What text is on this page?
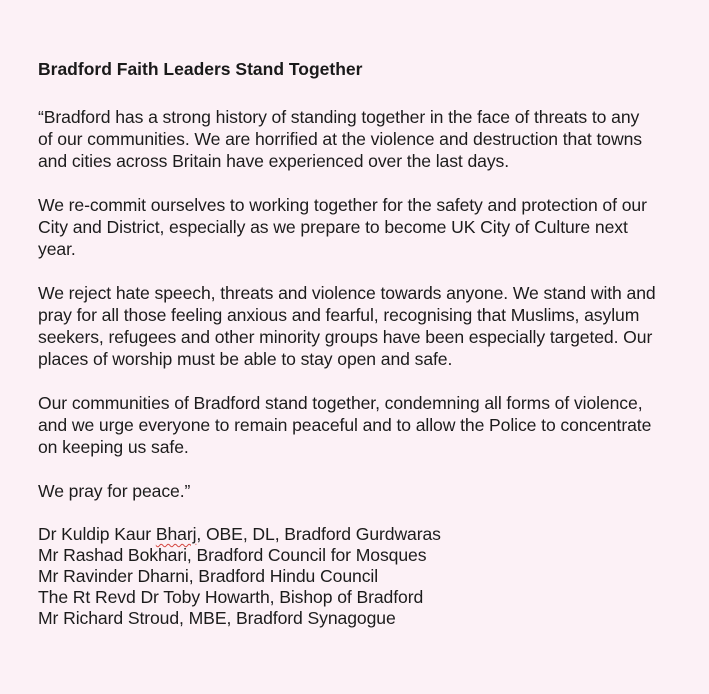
Bradford Faith Leaders Stand Together

“Bradford has a strong history of standing together in the face of threats to any of our communities. We are horrified at the violence and destruction that towns and cities across Britain have experienced over the last days.

We re-commit ourselves to working together for the safety and protection of our City and District, especially as we prepare to become UK City of Culture next year.

We reject hate speech, threats and violence towards anyone. We stand with and pray for all those feeling anxious and fearful, recognising that Muslims, asylum seekers, refugees and other minority groups have been especially targeted. Our places of worship must be able to stay open and safe.

Our communities of Bradford stand together, condemning all forms of violence, and we urge everyone to remain peaceful and to allow the Police to concentrate on keeping us safe.

We pray for peace.”

Dr Kuldip Kaur Bharj, OBE, DL, Bradford Gurdwaras
Mr Rashad Bokhari, Bradford Council for Mosques
Mr Ravinder Dharni, Bradford Hindu Council
The Rt Revd Dr Toby Howarth, Bishop of Bradford
Mr Richard Stroud, MBE, Bradford Synagogue
